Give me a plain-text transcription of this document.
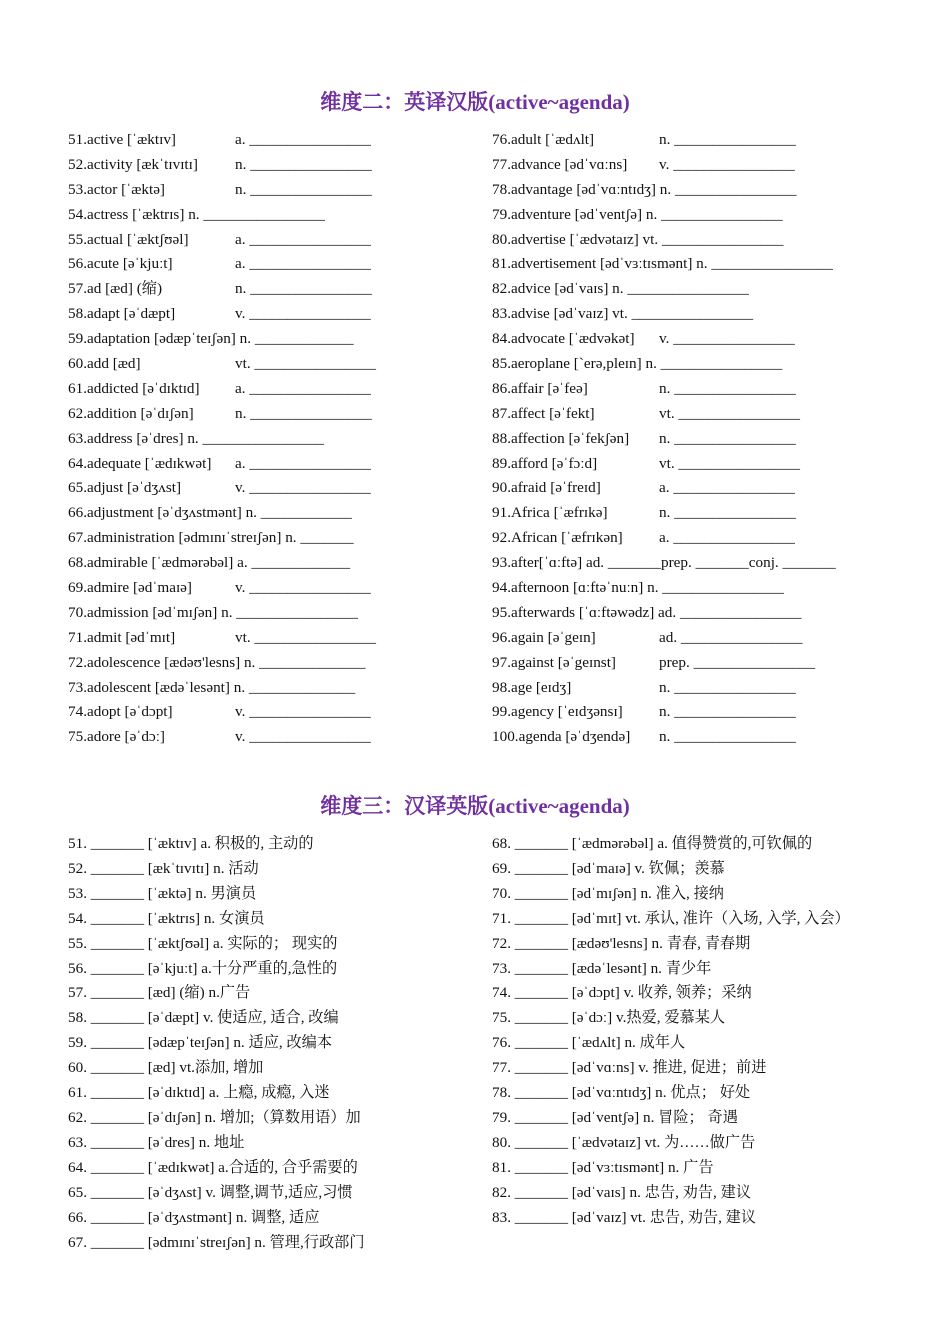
维度二：英译汉版(active~agenda)
51.active [ˈæktɪv]	a. ________________
52.activity [ækˈtɪvɪtɪ] n. ________________
53.actor [ˈæktə]	n. ________________
54.actress [ˈæktrɪs] n. ________________
55.actual [ˈæktʃʊəl]	a. ________________
56.acute [əˈkjuːt]	a. ________________
57.ad [æd] (缩)	n. ________________
58.adapt [əˈdæpt]	v. ________________
59.adaptation [ədæpˈteɪʃən] n. _____________
60.add [æd]	vt. ________________
61.addicted [əˈdɪktɪd] a. ________________
62.addition [əˈdɪʃən]	n. ________________
63.address [əˈdres] n. ________________
64.adequate [ˈædɪkwət] a. ________________
65.adjust [əˈdʒʌst]	v. ________________
66.adjustment [əˈdʒʌstmənt] n. ____________
67.administration [ədmɪnɪˈstreɪʃən] n. _______
68.admirable [ˈædmərəbəl] a. _____________
69.admire [ədˈmaɪə]	v. ________________
70.admission [ədˈmɪʃən] n. ________________
71.admit [ədˈmɪt]	vt. ________________
72.adolescence [ædəʊ'lesns] n. ______________
73.adolescent [ædəˈlesənt] n. ______________
74.adopt [əˈdɔpt]	v. ________________
75.adore [əˈdɔː]	v. ________________
76.adult [ˈædʌlt]	n. ________________
77.advance [ədˈvɑːns] v. ________________
78.advantage [ədˈvɑːntɪdʒ] n. ________________
79.adventure [ədˈventʃə] n. ________________
80.advertise [ˈædvətaɪz] vt. ________________
81.advertisement [ədˈvɜːtɪsmənt] n. ________________
82.advice [ədˈvaɪs] n. ________________
83.advise [ədˈvaɪz] vt. ________________
84.advocate [ˈædvəkət] v. ________________
85.aeroplane [ˋerə,pleɪn] n. ________________
86.affair [əˈfeə]	n. ________________
87.affect [əˈfekt]	vt. ________________
88.affection [əˈfekʃən] n. ________________
89.afford [əˈfɔːd]	vt. ________________
90.afraid [əˈfreɪd]	a. ________________
91.Africa [ˈæfrɪkə]	n. ________________
92.African [ˈæfrɪkən] a. ________________
93.after[ˈɑːftə] ad. _______prep. _______conj. _______
94.afternoon [ɑːftəˈnuːn] n. ________________
95.afterwards [ˈɑːftəwədz] ad. ________________
96.again [əˈgeɪn]	ad. ________________
97.against [əˈgeɪnst]	prep. ________________
98.age [eɪdʒ]	n. ________________
99.agency [ˈeɪdʒənsɪ] n. ________________
100.agenda [əˈdʒendə] n. ________________
维度三：汉译英版(active~agenda)
51. _______ [ˈæktɪv] a. 积极的, 主动的
52. _______ [ækˈtɪvɪtɪ] n. 活动
53. _______ [ˈæktə] n. 男演员
54. _______ [ˈæktrɪs] n. 女演员
55. _______ [ˈæktʃʊəl] a. 实际的； 现实的
56. _______ [əˈkjuːt] a.十分严重的,急性的
57. _______ [æd] (缩) n.广告
58. _______ [əˈdæpt] v. 使适应, 适合, 改编
59. _______ [ədæpˈteɪʃən] n. 适应, 改编本
60. _______ [æd] vt.添加, 增加
61. _______ [əˈdɪktɪd] a. 上瘾, 成瘾, 入迷
62. _______ [əˈdɪʃən] n. 增加;（算数用语）加
63. _______ [əˈdres] n. 地址
64. _______ [ˈædɪkwət] a.合适的, 合乎需要的
65. _______ [əˈdʒʌst] v. 调整,调节,适应,习惯
66. _______ [əˈdʒʌstmənt] n. 调整, 适应
67. _______ [ədmɪnɪˈstreɪʃən] n. 管理,行政部门
68. _______ [ˈædmərəbəl] a. 值得赞赏的,可钦佩的
69. _______ [ədˈmaɪə] v. 钦佩；羡慕
70. _______ [ədˈmɪʃən] n. 准入, 接纳
71. _______ [ədˈmɪt] vt. 承认, 准许（入场, 入学, 入会）
72. _______ [ædəʊ'lesns] n. 青春, 青春期
73. _______ [ædəˈlesənt] n. 青少年
74. _______ [əˈdɔpt] v. 收养, 领养；采纳
75. _______ [əˈdɔː] v.热爱, 爱慕某人
76. _______ [ˈædʌlt] n. 成年人
77. _______ [ədˈvɑːns] v. 推进, 促进；前进
78. _______ [ədˈvɑːntɪdʒ] n. 优点； 好处
79. _______ [ədˈventʃə] n. 冒险； 奇遇
80. _______ [ˈædvətaɪz] vt. 为……做广告
81. _______ [ədˈvɜːtɪsmənt] n. 广告
82. _______ [ədˈvaɪs] n. 忠告, 劝告, 建议
83. _______ [ədˈvaɪz] vt. 忠告, 劝告, 建议
